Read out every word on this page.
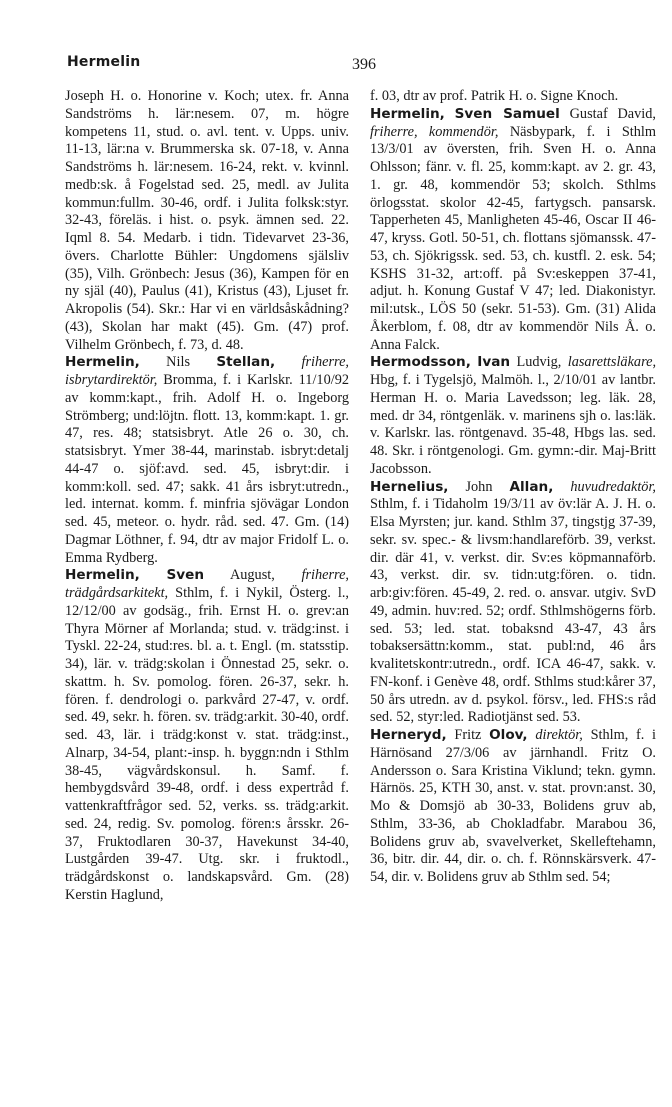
Hermelin	396

Joseph H. o. Honorine v. Koch; utex. fr. Anna Sandströms h. lär:nesem. 07, m. högre kompetens 11, stud. o. avl. tent. v. Upps. univ. 11-13, lär:na v. Brummerska sk. 07-18, v. Anna Sandströms h. lär:nesem. 16-24, rekt. v. kvinnl. medb:sk. å Fogelstad sed. 25, medl. av Julita kommun:fullm. 30-46, ordf. i Julita folksk:styr. 32-43, föreläs. i hist. o. psyk. ämnen sed. 22. Iqml 8. 54. Medarb. i tidn. Tidevarvet 23-36, övers. Charlotte Bühler: Ungdomens själsliv (35), Vilh. Grönbech: Jesus (36), Kampen för en ny själ (40), Paulus (41), Kristus (43), Ljuset fr. Akropolis (54). Skr.: Har vi en världsåskådning? (43), Skolan har makt (45). Gm. (47) prof. Vilhelm Grönbech, f. 73, d. 48.

Hermelin, Nils Stellan, friherre, isbrytardirektör, Bromma, f. i Karlskr. 11/10/92 av komm:kapt., frih. Adolf H. o. Ingeborg Strömberg; und:löjtn. flott. 13, komm:kapt. 1. gr. 47, res. 48; statsisbryt. Atle 26 o. 30, ch. statsisbryt. Ymer 38-44, marinstab. isbryt:detalj 44-47 o. sjöf:avd. sed. 45, isbryt:dir. i komm:koll. sed. 47; sakk. 41 års isbryt:utredn., led. internat. komm. f. minfria sjövägar London sed. 45, meteor. o. hydr. råd. sed. 47. Gm. (14) Dagmar Löthner, f. 94, dtr av major Fridolf L. o. Emma Rydberg.

Hermelin, Sven August, friherre, trädgårdsarkitekt, Sthlm, f. i Nykil, Österg. l., 12/12/00 av godsäg., frih. Ernst H. o. grev:an Thyra Mörner af Morlanda; stud. v. trädg:inst. i Tyskl. 22-24, stud:res. bl. a. t. Engl. (m. statsstip. 34), lär. v. trädg:skolan i Önnestad 25, sekr. o. skattm. h. Sv. pomolog. fören. 26-37, sekr. h. fören. f. dendrologi o. parkvård 27-47, v. ordf. sed. 49, sekr. h. fören. sv. trädg:arkit. 30-40, ordf. sed. 43, lär. i trädg:konst v. stat. trädg:inst., Alnarp, 34-54, plant:-insp. h. byggn:ndn i Sthlm 38-45, vägvårdskonsul. h. Samf. f. hembygdsvård 39-48, ordf. i dess expertråd f. vattenkraftfrågor sed. 52, verks. ss. trädg:arkit. sed. 24, redig. Sv. pomolog. fören:s årsskr. 26-37, Fruktodlaren 30-37, Havekunst 34-40, Lustgården 39-47. Utg. skr. i fruktodl., trädgårdskonst o. landskapsvård. Gm. (28) Kerstin Haglund,

f. 03, dtr av prof. Patrik H. o. Signe Knoch.

Hermelin, Sven Samuel Gustaf David, friherre, kommendör, Näsbypark, f. i Sthlm 13/3/01 av översten, frih. Sven H. o. Anna Ohlsson; fänr. v. fl. 25, komm:kapt. av 2. gr. 43, 1. gr. 48, kommendör 53; skolch. Sthlms örlogsstat. skolor 42-45, fartygsch. pansarsk. Tapperheten 45, Manligheten 45-46, Oscar II 46-47, kryss. Gotl. 50-51, ch. flottans sjömanssk. 47-53, ch. Sjökrigssk. sed. 53, ch. kustfl. 2. esk. 54; KSHS 31-32, art:off. på Sv:eskeppen 37-41, adjut. h. Konung Gustaf V 47; led. Diakonistyr. mil:utsk., LÖS 50 (sekr. 51-53). Gm. (31) Alida Åkerblom, f. 08, dtr av kommendör Nils Å. o. Anna Falck.

Hermodsson, Ivan Ludvig, lasarettsläkare, Hbg, f. i Tygelsjö, Malmöh. l., 2/10/01 av lantbr. Herman H. o. Maria Lavedsson; leg. läk. 28, med. dr 34, röntgenläk. v. marinens sjh o. las:läk. v. Karlskr. las. röntgenavd. 35-48, Hbgs las. sed. 48. Skr. i röntgenologi. Gm. gymn:-dir. Maj-Britt Jacobsson.

Hernelius, John Allan, huvudredaktör, Sthlm, f. i Tidaholm 19/3/11 av öv:lär A. J. H. o. Elsa Myrsten; jur. kand. Sthlm 37, tingstjg 37-39, sekr. sv. spec.- & livsm:handlareförb. 39, verkst. dir. där 41, v. verkst. dir. Sv:es köpmannaförb. 43, verkst. dir. sv. tidn:utg:fören. o. tidn. arb:giv:fören. 45-49, 2. red. o. ansvar. utgiv. SvD 49, admin. huv:red. 52; ordf. Sthlmshögerns förb. sed. 53; led. stat. tobaksnd 43-47, 43 års tobaksersättn:komm., stat. publ:nd, 46 års kvalitetskontr:utredn., ordf. ICA 46-47, sakk. v. FN-konf. i Genève 48, ordf. Sthlms stud:kårer 37, 50 års utredn. av d. psykol. försv., led. FHS:s råd sed. 52, styr:led. Radiotjänst sed. 53.

Herneryd, Fritz Olov, direktör, Sthlm, f. i Härnösand 27/3/06 av järnhandl. Fritz O. Andersson o. Sara Kristina Viklund; tekn. gymn. Härnös. 25, KTH 30, anst. v. stat. provn:anst. 30, Mo & Domsjö ab 30-33, Bolidens gruv ab, Sthlm, 33-36, ab Chokladfabr. Marabou 36, Bolidens gruv ab, svavelverket, Skelleftehamn, 36, bitr. dir. 44, dir. o. ch. f. Rönnskärsverk. 47-54, dir. v. Bolidens gruv ab Sthlm sed. 54;
